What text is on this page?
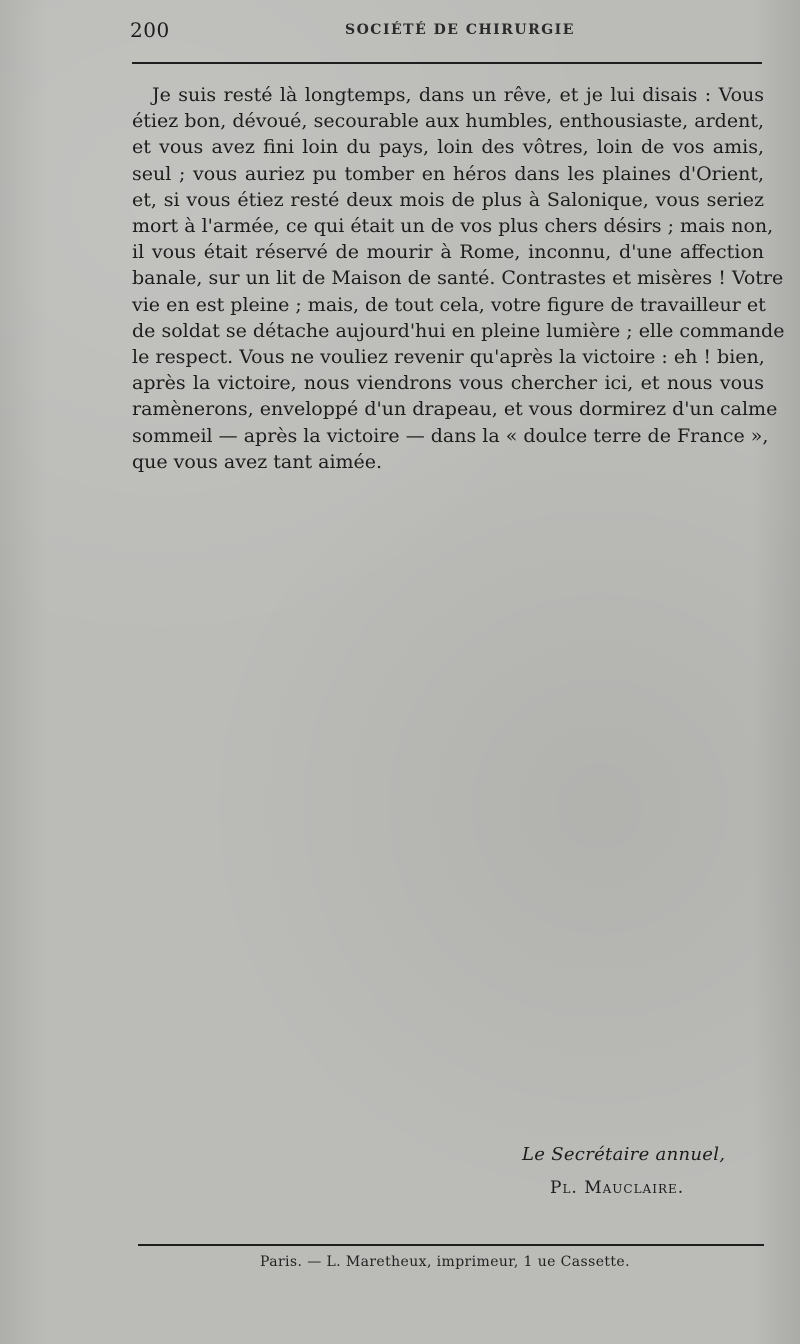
200	SOCIÉTÉ DE CHIRURGIE
Je suis resté là longtemps, dans un rêve, et je lui disais : Vous
étiez bon, dévoué, secourable aux humbles, enthousiaste, ardent,
et vous avez fini loin du pays, loin des vôtres, loin de vos amis,
seul ; vous auriez pu tomber en héros dans les plaines d'Orient,
et, si vous étiez resté deux mois de plus à Salonique, vous seriez
mort à l'armée, ce qui était un de vos plus chers désirs ; mais non,
il vous était réservé de mourir à Rome, inconnu, d'une affection
banale, sur un lit de Maison de santé. Contrastes et misères ! Votre
vie en est pleine ; mais, de tout cela, votre figure de travailleur et
de soldat se détache aujourd'hui en pleine lumière ; elle commande
le respect. Vous ne vouliez revenir qu'après la victoire : eh ! bien,
après la victoire, nous viendrons vous chercher ici, et nous vous
ramènerons, enveloppé d'un drapeau, et vous dormirez d'un calme
sommeil — après la victoire — dans la « doulce terre de France »,
que vous avez tant aimée.
Le Secrétaire annuel,
Pl. Mauclaire.
Paris. — L. Maretheux, imprimeur, 1 ue Cassette.
